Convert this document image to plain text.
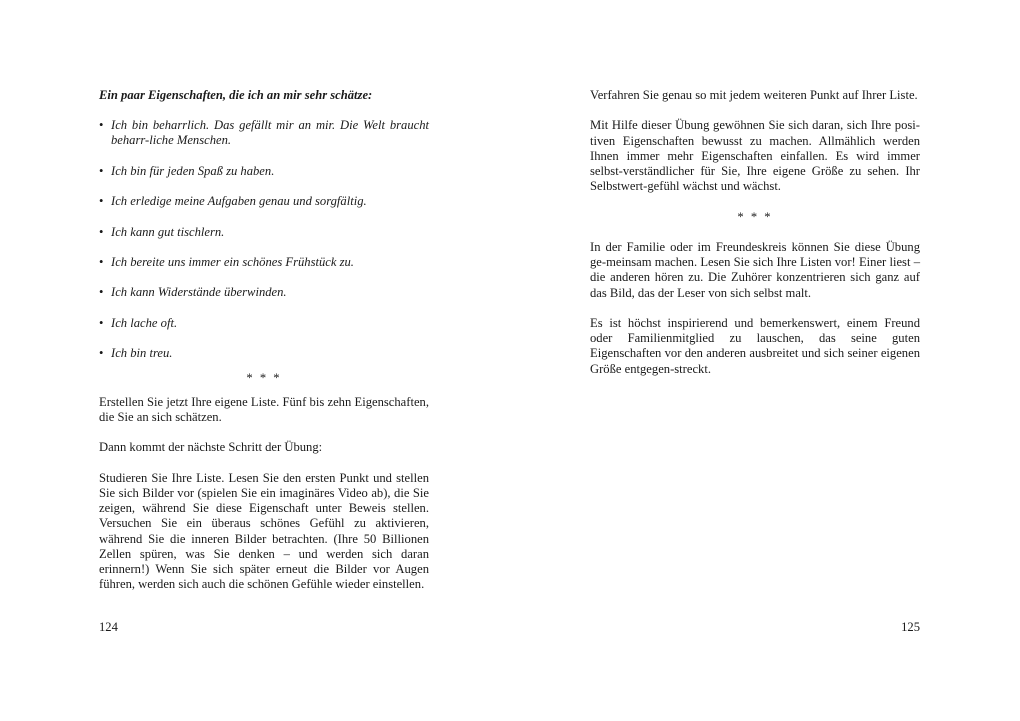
Ein paar Eigenschaften, die ich an mir sehr schätze:

• Ich bin beharrlich. Das gefällt mir an mir. Die Welt braucht beharr-liche Menschen.
• Ich bin für jeden Spaß zu haben.
• Ich erledige meine Aufgaben genau und sorgfältig.
• Ich kann gut tischlern.
• Ich bereite uns immer ein schönes Frühstück zu.
• Ich kann Widerstände überwinden.
• Ich lache oft.
• Ich bin treu.
* * *

Erstellen Sie jetzt Ihre eigene Liste. Fünf bis zehn Eigenschaften, die Sie an sich schätzen.

Dann kommt der nächste Schritt der Übung:

Studieren Sie Ihre Liste. Lesen Sie den ersten Punkt und stellen Sie sich Bilder vor (spielen Sie ein imaginäres Video ab), die Sie zeigen, während Sie diese Eigenschaft unter Beweis stellen. Versuchen Sie ein überaus schönes Gefühl zu aktivieren, während Sie die inneren Bilder betrachten. (Ihre 50 Billionen Zellen spüren, was Sie denken – und werden sich daran erinnern!) Wenn Sie sich später erneut die Bilder vor Augen führen, werden sich auch die schönen Gefühle wieder einstellen.

124

Verfahren Sie genau so mit jedem weiteren Punkt auf Ihrer Liste.

Mit Hilfe dieser Übung gewöhnen Sie sich daran, sich Ihre posi-tiven Eigenschaften bewusst zu machen. Allmählich werden Ihnen immer mehr Eigenschaften einfallen. Es wird immer selbst-verständlicher für Sie, Ihre eigene Größe zu sehen. Ihr Selbstwert-gefühl wächst und wächst.

* * *

In der Familie oder im Freundeskreis können Sie diese Übung ge-meinsam machen. Lesen Sie sich Ihre Listen vor! Einer liest – die anderen hören zu. Die Zuhörer konzentrieren sich ganz auf das Bild, das der Leser von sich selbst malt.

Es ist höchst inspirierend und bemerkenswert, einem Freund oder Familienmitglied zu lauschen, das seine guten Eigenschaften vor den anderen ausbreitet und sich seiner eigenen Größe entgegen-streckt.

125
